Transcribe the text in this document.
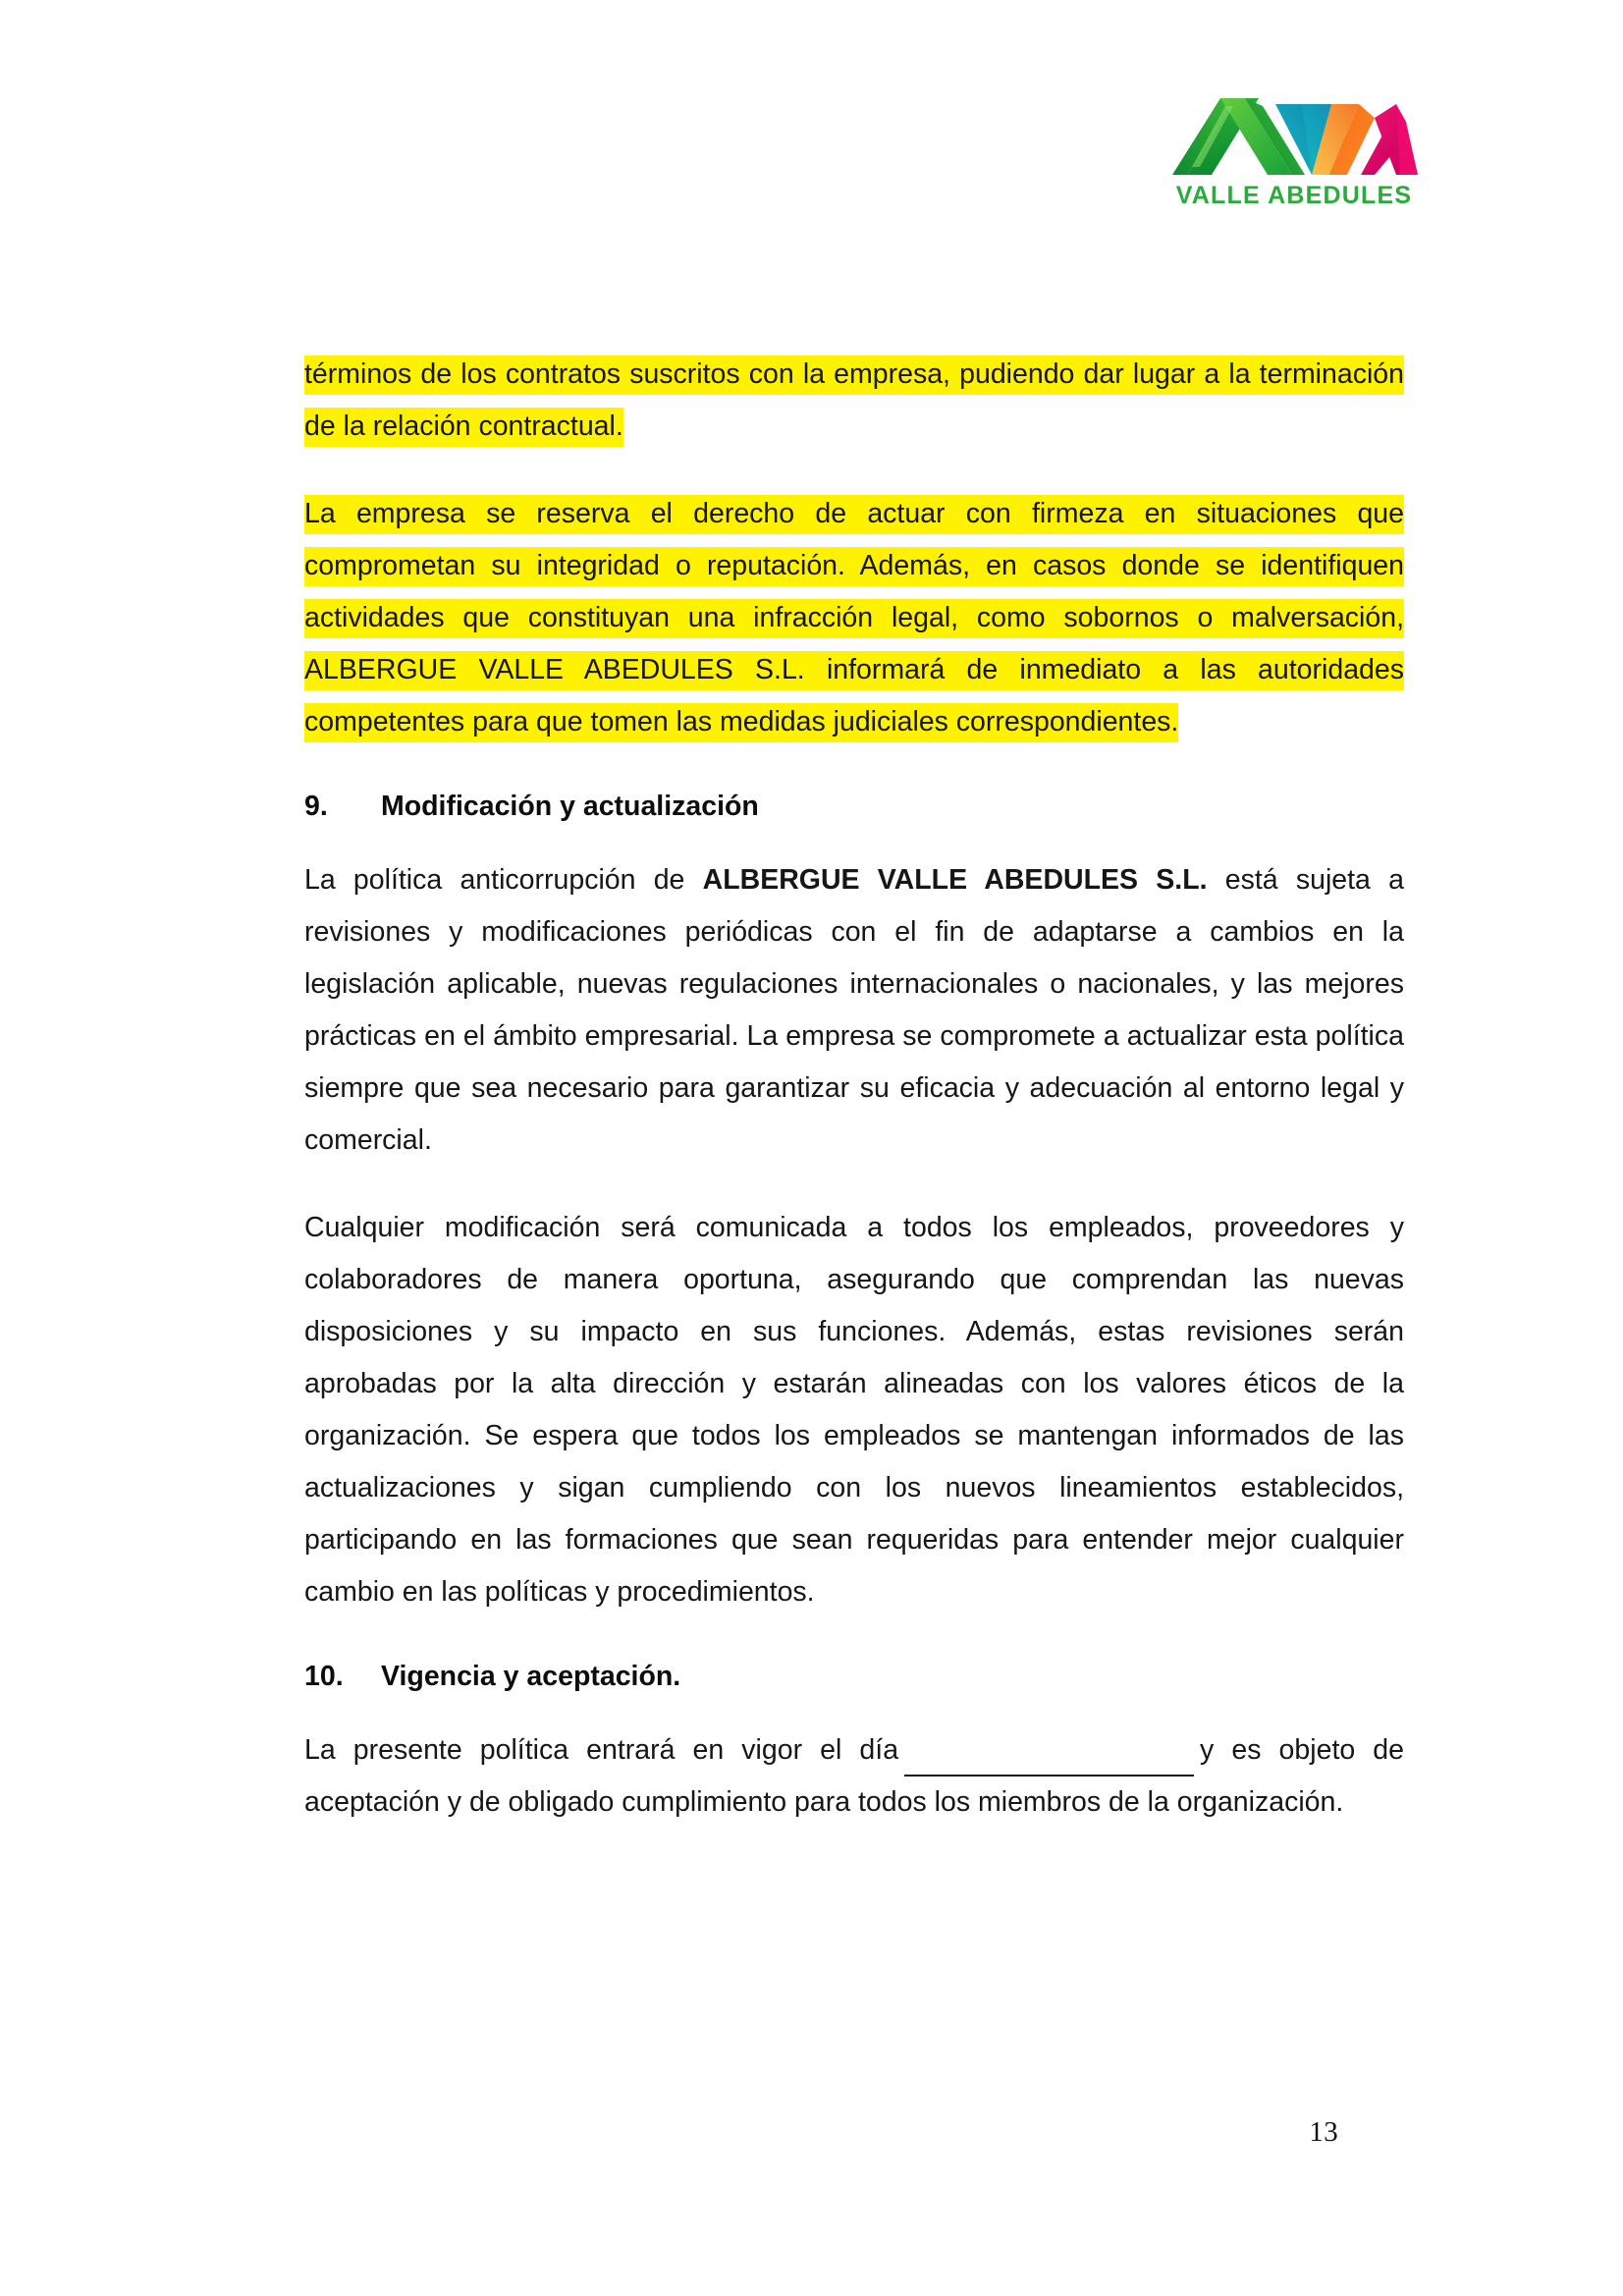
VALLE ABEDULES

términos de los contratos suscritos con la empresa, pudiendo dar lugar a la terminación de la relación contractual.

La empresa se reserva el derecho de actuar con firmeza en situaciones que comprometan su integridad o reputación. Además, en casos donde se identifiquen actividades que constituyan una infracción legal, como sobornos o malversación, ALBERGUE VALLE ABEDULES S.L. informará de inmediato a las autoridades competentes para que tomen las medidas judiciales correspondientes.

9.	Modificación y actualización

La política anticorrupción de ALBERGUE VALLE ABEDULES S.L. está sujeta a revisiones y modificaciones periódicas con el fin de adaptarse a cambios en la legislación aplicable, nuevas regulaciones internacionales o nacionales, y las mejores prácticas en el ámbito empresarial. La empresa se compromete a actualizar esta política siempre que sea necesario para garantizar su eficacia y adecuación al entorno legal y comercial.

Cualquier modificación será comunicada a todos los empleados, proveedores y colaboradores de manera oportuna, asegurando que comprendan las nuevas disposiciones y su impacto en sus funciones. Además, estas revisiones serán aprobadas por la alta dirección y estarán alineadas con los valores éticos de la organización. Se espera que todos los empleados se mantengan informados de las actualizaciones y sigan cumpliendo con los nuevos lineamientos establecidos, participando en las formaciones que sean requeridas para entender mejor cualquier cambio en las políticas y procedimientos.

10.	Vigencia y aceptación.

La presente política entrará en vigor el día	y es objeto de aceptación y de obligado cumplimiento para todos los miembros de la organización.

13
